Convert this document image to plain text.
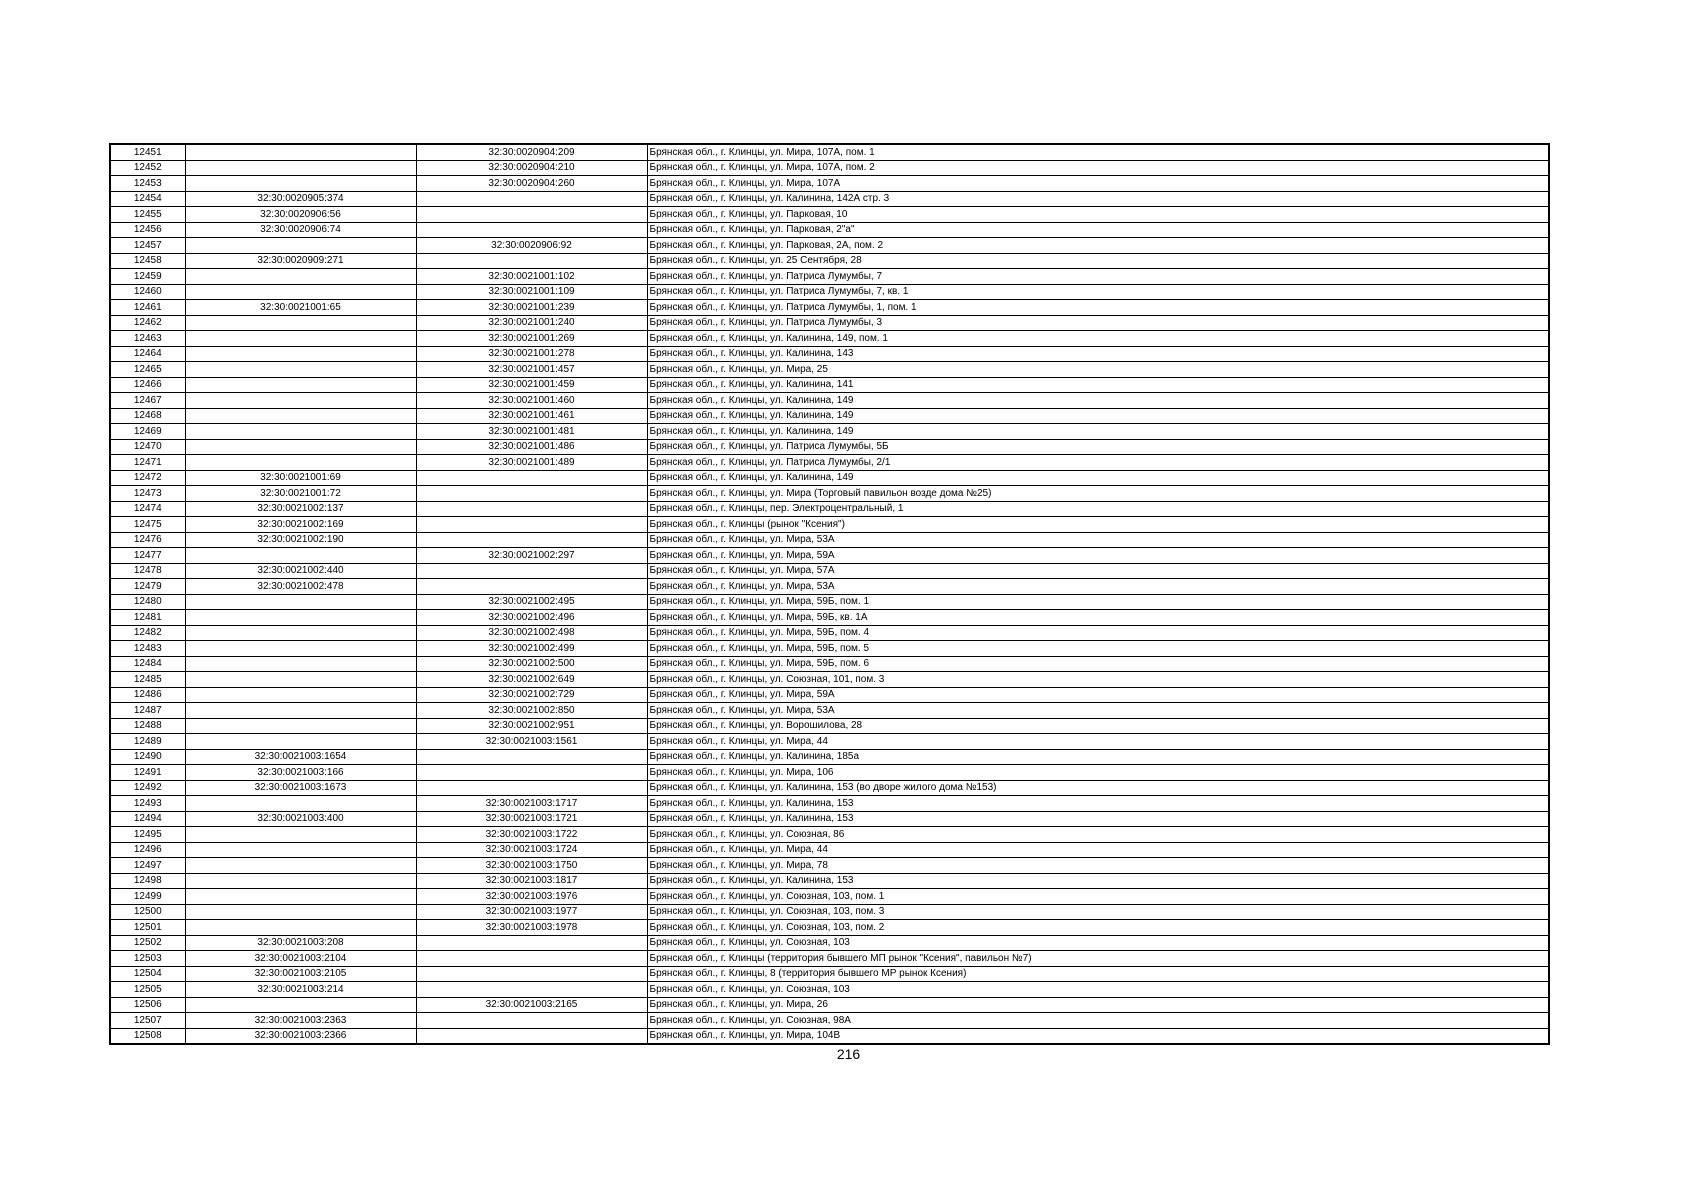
12451		32:30:0020904:209	Брянская обл., г. Клинцы, ул. Мира, 107А, пом. 1
12452		32:30:0020904:210	Брянская обл., г. Клинцы, ул. Мира, 107А, пом. 2
12453		32:30:0020904:260	Брянская обл., г. Клинцы, ул. Мира, 107А
12454	32:30:0020905:374		Брянская обл., г. Клинцы, ул. Калинина, 142А стр. 3
12455	32:30:0020906:56		Брянская обл., г. Клинцы, ул. Парковая, 10
12456	32:30:0020906:74		Брянская обл., г. Клинцы, ул. Парковая, 2"а"
12457		32:30:0020906:92	Брянская обл., г. Клинцы, ул. Парковая, 2А, пом. 2
12458	32:30:0020909:271		Брянская обл., г. Клинцы, ул. 25 Сентября, 28
12459		32:30:0021001:102	Брянская обл., г. Клинцы, ул. Патриса Лумумбы, 7
12460		32:30:0021001:109	Брянская обл., г. Клинцы, ул. Патриса Лумумбы, 7, кв. 1
12461	32:30:0021001:65	32:30:0021001:239	Брянская обл., г. Клинцы, ул. Патриса Лумумбы, 1, пом. 1
12462		32:30:0021001:240	Брянская обл., г. Клинцы, ул. Патриса Лумумбы, 3
12463		32:30:0021001:269	Брянская обл., г. Клинцы, ул. Калинина, 149, пом. 1
12464		32:30:0021001:278	Брянская обл., г. Клинцы, ул. Калинина, 143
12465		32:30:0021001:457	Брянская обл., г. Клинцы, ул. Мира, 25
12466		32:30:0021001:459	Брянская обл., г. Клинцы, ул. Калинина, 141
12467		32:30:0021001:460	Брянская обл., г. Клинцы, ул. Калинина, 149
12468		32:30:0021001:461	Брянская обл., г. Клинцы, ул. Калинина, 149
12469		32:30:0021001:481	Брянская обл., г. Клинцы, ул. Калинина, 149
12470		32:30:0021001:486	Брянская обл., г. Клинцы, ул. Патриса Лумумбы, 5Б
12471		32:30:0021001:489	Брянская обл., г. Клинцы, ул. Патриса Лумумбы, 2/1
12472	32:30:0021001:69		Брянская обл., г. Клинцы, ул. Калинина, 149
12473	32:30:0021001:72		Брянская обл., г. Клинцы, ул. Мира (Торговый павильон возде дома №25)
12474	32:30:0021002:137		Брянская обл., г. Клинцы, пер. Электроцентральный, 1
12475	32:30:0021002:169		Брянская обл., г. Клинцы (рынок "Ксения")
12476	32:30:0021002:190		Брянская обл., г. Клинцы, ул. Мира, 53А
12477		32:30:0021002:297	Брянская обл., г. Клинцы, ул. Мира, 59А
12478	32:30:0021002:440		Брянская обл., г. Клинцы, ул. Мира, 57А
12479	32:30:0021002:478		Брянская обл., г. Клинцы, ул. Мира, 53А
12480		32:30:0021002:495	Брянская обл., г. Клинцы, ул. Мира, 59Б, пом. 1
12481		32:30:0021002:496	Брянская обл., г. Клинцы, ул. Мира, 59Б, кв. 1А
12482		32:30:0021002:498	Брянская обл., г. Клинцы, ул. Мира, 59Б, пом. 4
12483		32:30:0021002:499	Брянская обл., г. Клинцы, ул. Мира, 59Б, пом. 5
12484		32:30:0021002:500	Брянская обл., г. Клинцы, ул. Мира, 59Б, пом. 6
12485		32:30:0021002:649	Брянская обл., г. Клинцы, ул. Союзная, 101, пом. 3
12486		32:30:0021002:729	Брянская обл., г. Клинцы, ул. Мира, 59А
12487		32:30:0021002:850	Брянская обл., г. Клинцы, ул. Мира, 53А
12488		32:30:0021002:951	Брянская обл., г. Клинцы, ул. Ворошилова, 28
12489		32:30:0021003:1561	Брянская обл., г. Клинцы, ул. Мира, 44
12490	32:30:0021003:1654		Брянская обл., г. Клинцы, ул. Калинина, 185а
12491	32:30:0021003:166		Брянская обл., г. Клинцы, ул. Мира, 106
12492	32:30:0021003:1673		Брянская обл., г. Клинцы, ул. Калинина, 153 (во дворе жилого дома №153)
12493		32:30:0021003:1717	Брянская обл., г. Клинцы, ул. Калинина, 153
12494	32:30:0021003:400	32:30:0021003:1721	Брянская обл., г. Клинцы, ул. Калинина, 153
12495		32:30:0021003:1722	Брянская обл., г. Клинцы, ул. Союзная, 86
12496		32:30:0021003:1724	Брянская обл., г. Клинцы, ул. Мира, 44
12497		32:30:0021003:1750	Брянская обл., г. Клинцы, ул. Мира, 78
12498		32:30:0021003:1817	Брянская обл., г. Клинцы, ул. Калинина, 153
12499		32:30:0021003:1976	Брянская обл., г. Клинцы, ул. Союзная, 103, пом. 1
12500		32:30:0021003:1977	Брянская обл., г. Клинцы, ул. Союзная, 103, пом. 3
12501		32:30:0021003:1978	Брянская обл., г. Клинцы, ул. Союзная, 103, пом. 2
12502	32:30:0021003:208		Брянская обл., г. Клинцы, ул. Союзная, 103
12503	32:30:0021003:2104		Брянская обл., г. Клинцы (территория бывшего МП рынок "Ксения", павильон №7)
12504	32:30:0021003:2105		Брянская обл., г. Клинцы, 8 (территория бывшего МР рынок Ксения)
12505	32:30:0021003:214		Брянская обл., г. Клинцы, ул. Союзная, 103
12506		32:30:0021003:2165	Брянская обл., г. Клинцы, ул. Мира, 26
12507	32:30:0021003:2363		Брянская обл., г. Клинцы, ул. Союзная, 98А
12508	32:30:0021003:2366		Брянская обл., г. Клинцы, ул. Мира, 104В
216
